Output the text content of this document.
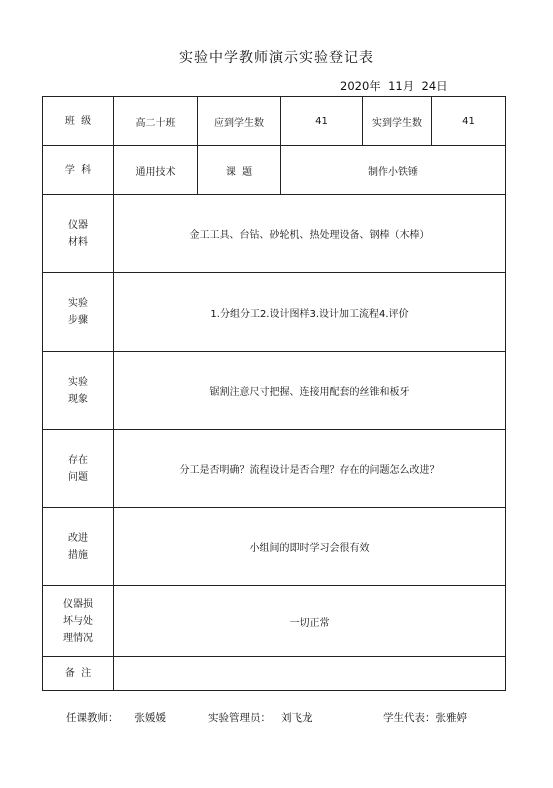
实验中学教师演示实验登记表
2020年  11月  24日
班  级	高二十班	应到学生数	41	实到学生数	41
学  科	通用技术	课  题	制作小铁锤		
仪器
材料	金工工具、台钻、砂轮机、热处理设备、钢棒（木棒）				
实验
步骤	1.分组分工2.设计图样3.设计加工流程4.评价				
实验
现象	锯割注意尺寸把握、连接用配套的丝锥和板牙				
存在
问题	分工是否明确？流程设计是否合理？存在的问题怎么改进？				
改进
措施	小组间的即时学习会很有效				
仪器损
坏与处
理情况	一切正常				
备  注					
任课教师： 张媛媛	实验管理员： 刘飞龙	学生代表：张雅婷
